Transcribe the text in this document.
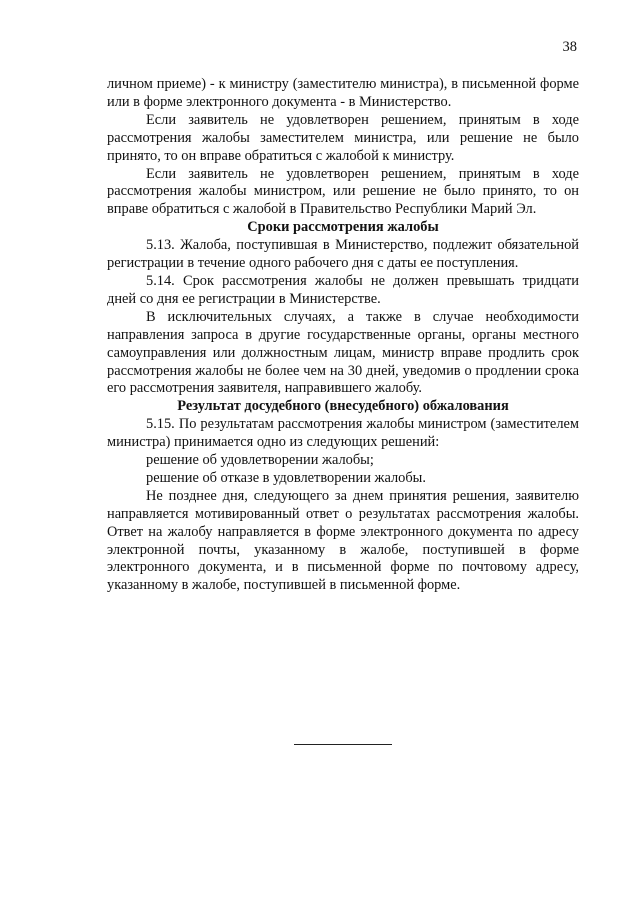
38

личном приеме) - к министру (заместителю министра), в письменной форме или в форме электронного документа - в Министерство.

Если заявитель не удовлетворен решением, принятым в ходе рассмотрения жалобы заместителем министра, или решение не было принято, то он вправе обратиться с жалобой к министру.

Если заявитель не удовлетворен решением, принятым в ходе рассмотрения жалобы министром, или решение не было принято, то он вправе обратиться с жалобой в Правительство Республики Марий Эл.

Сроки рассмотрения жалобы

5.13. Жалоба, поступившая в Министерство, подлежит обязательной регистрации в течение одного рабочего дня с даты ее поступления.

5.14. Срок рассмотрения жалобы не должен превышать тридцати дней со дня ее регистрации в Министерстве.

В исключительных случаях, а также в случае необходимости направления запроса в другие государственные органы, органы местного самоуправления или должностным лицам, министр вправе продлить срок рассмотрения жалобы не более чем на 30 дней, уведомив о продлении срока его рассмотрения заявителя, направившего жалобу.

Результат досудебного (внесудебного) обжалования

5.15. По результатам рассмотрения жалобы министром (заместителем министра) принимается одно из следующих решений:

решение об удовлетворении жалобы;

решение об отказе в удовлетворении жалобы.

Не позднее дня, следующего за днем принятия решения, заявителю направляется мотивированный ответ о результатах рассмотрения жалобы. Ответ на жалобу направляется в форме электронного документа по адресу электронной почты, указанному в жалобе, поступившей в форме электронного документа, и в письменной форме по почтовому адресу, указанному в жалобе, поступившей в письменной форме.
